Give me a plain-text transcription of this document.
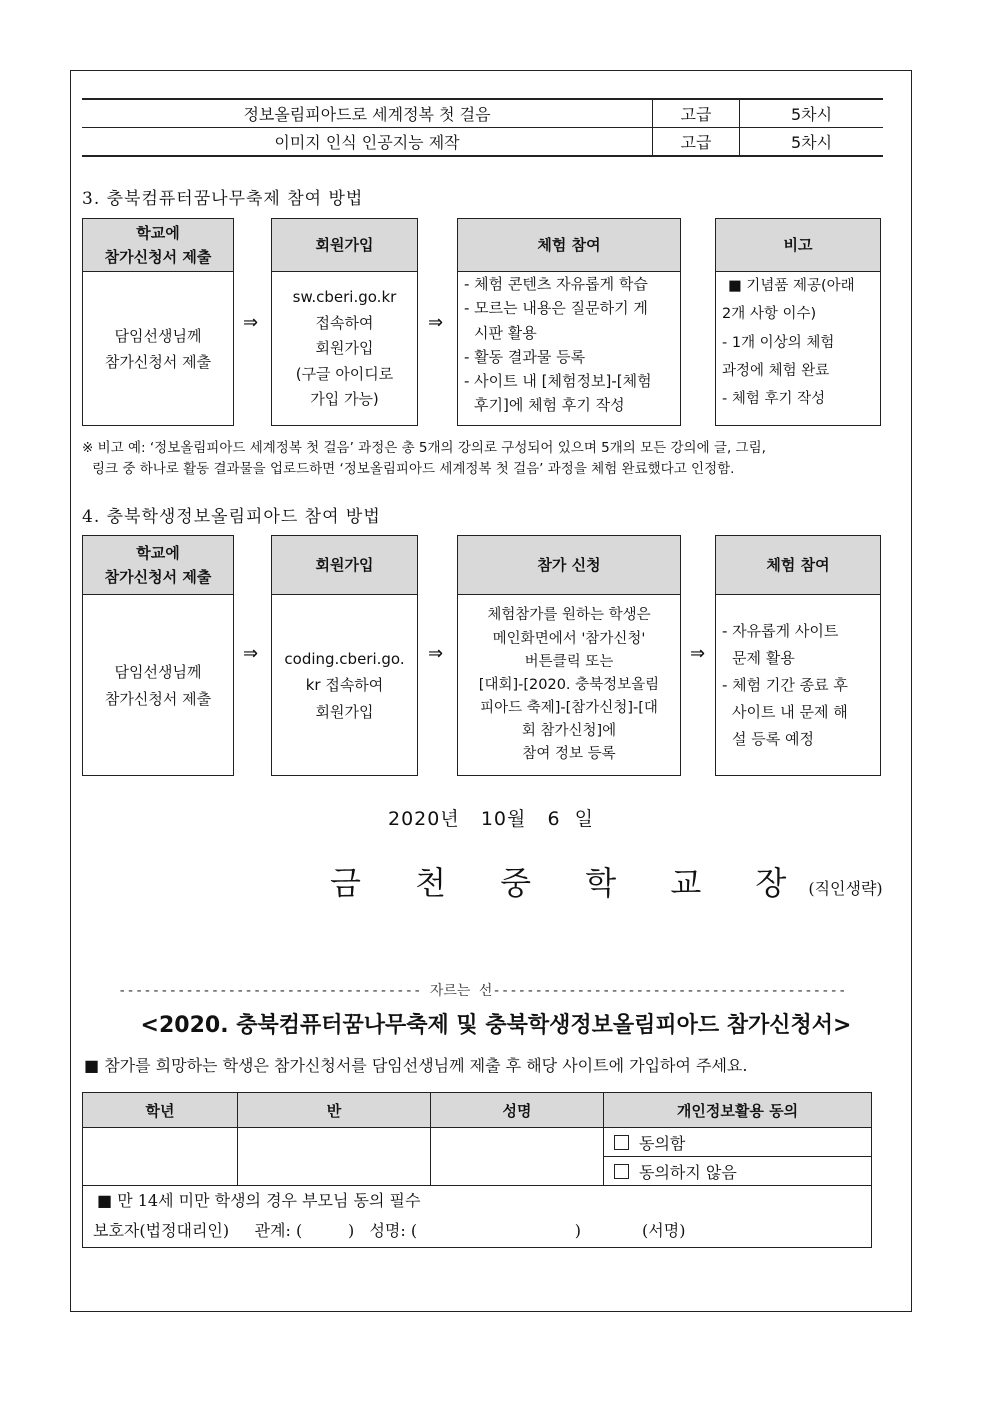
정보올림피아드로 세계정복 첫 걸음	고급	5차시
이미지 인식 인공지능 제작	고급	5차시
3. 충북컴퓨터꿈나무축제 참여 방법
학교에
참가신청서 제출
담임선생님께
참가신청서 제출
⇒
회원가입
sw.cberi.go.kr
접속하여
회원가입
(구글 아이디로
가입 가능)
⇒
체험 참여
- 체험 콘텐츠 자유롭게 학습
- 모르는 내용은 질문하기 게
시판 활용
- 활동 결과물 등록
- 사이트 내 [체험정보]-[체험
후기]에 체험 후기 작성
비고
■ 기념품 제공(아래
2개 사항 이수)
- 1개 이상의 체험
과정에 체험 완료
- 체험 후기 작성
※ 비고 예: ‘정보올림피아드 세계정복 첫 걸음’ 과정은 총 5개의 강의로 구성되어 있으며 5개의 모든 강의에 글, 그림,
링크 중 하나로 활동 결과물을 업로드하면 ‘정보올림피아드 세계정복 첫 걸음’ 과정을 체험 완료했다고 인정함.
4. 충북학생정보올림피아드 참여 방법
학교에
참가신청서 제출
담임선생님께
참가신청서 제출
⇒
회원가입
coding.cberi.go.
kr 접속하여
회원가입
⇒
참가 신청
체험참가를 원하는 학생은
메인화면에서 '참가신청'
버튼클릭 또는
[대회]-[2020. 충북정보올림
피아드 축제]-[참가신청]-[대
회 참가신청]에
참여 정보 등록
⇒
체험 참여
- 자유롭게 사이트
문제 활용
- 체험 기간 종료 후
사이트 내 문제 해
설 등록 예정
2020년   10월   6  일
금 천 중 학 교 장(직인생략)
------------------------------------ 자르는 선------------------------------------------
<2020. 충북컴퓨터꿈나무축제 및 충북학생정보올림피아드 참가신청서>
■ 참가를 희망하는 학생은 참가신청서를 담임선생님께 제출 후 해당 사이트에 가입하여 주세요.
학년	반	성명	개인정보활용 동의
			동의함
			동의하지 않음

■ 만 14세 미만 학생의 경우 부모님 동의 필수
보호자(법정대리인)     관계: (         )   성명: (                               )            (서명)			
